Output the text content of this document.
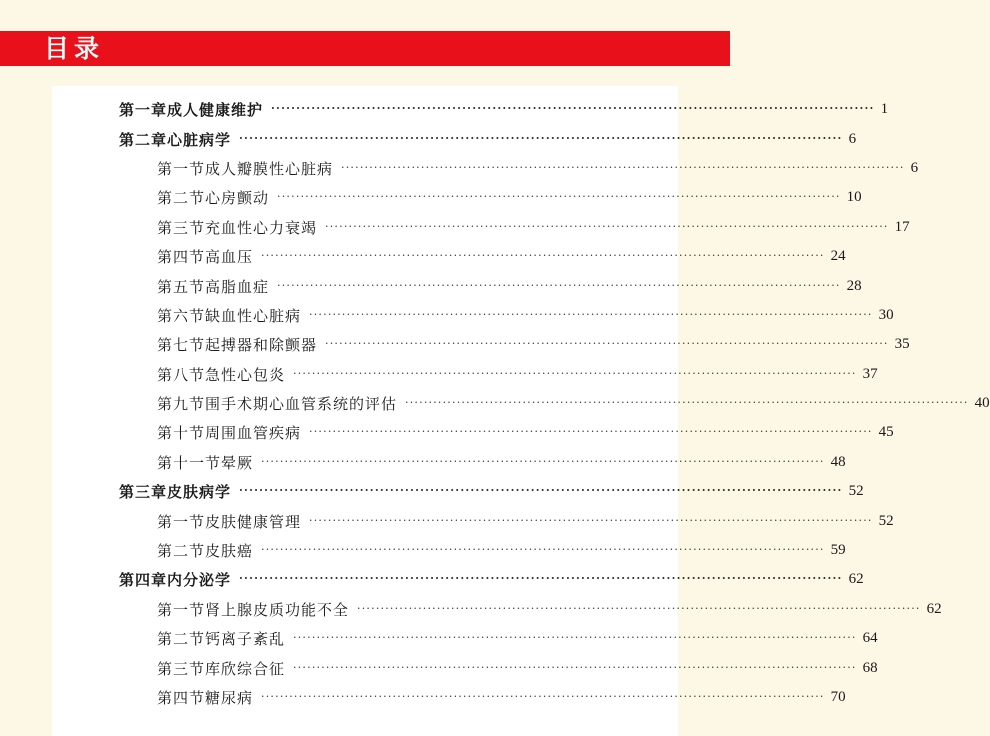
目录
第一章 成人健康维护 ························································································································ 1
第二章 心脏病学 ························································································································ 6
第一节 成人瓣膜性心脏病 ························································································································ 6
第二节 心房颤动 ························································································································ 10
第三节 充血性心力衰竭 ························································································································ 17
第四节 高血压 ························································································································ 24
第五节 高脂血症 ························································································································ 28
第六节 缺血性心脏病 ························································································································ 30
第七节 起搏器和除颤器 ························································································································ 35
第八节 急性心包炎 ························································································································ 37
第九节 围手术期心血管系统的评估 ························································································································ 40
第十节 周围血管疾病 ························································································································ 45
第十一节 晕厥 ························································································································ 48
第三章 皮肤病学 ························································································································ 52
第一节 皮肤健康管理 ························································································································ 52
第二节 皮肤癌 ························································································································ 59
第四章 内分泌学 ························································································································ 62
第一节 肾上腺皮质功能不全 ························································································································ 62
第二节 钙离子紊乱 ························································································································ 64
第三节 库欣综合征 ························································································································ 68
第四节 糖尿病 ························································································································ 70
